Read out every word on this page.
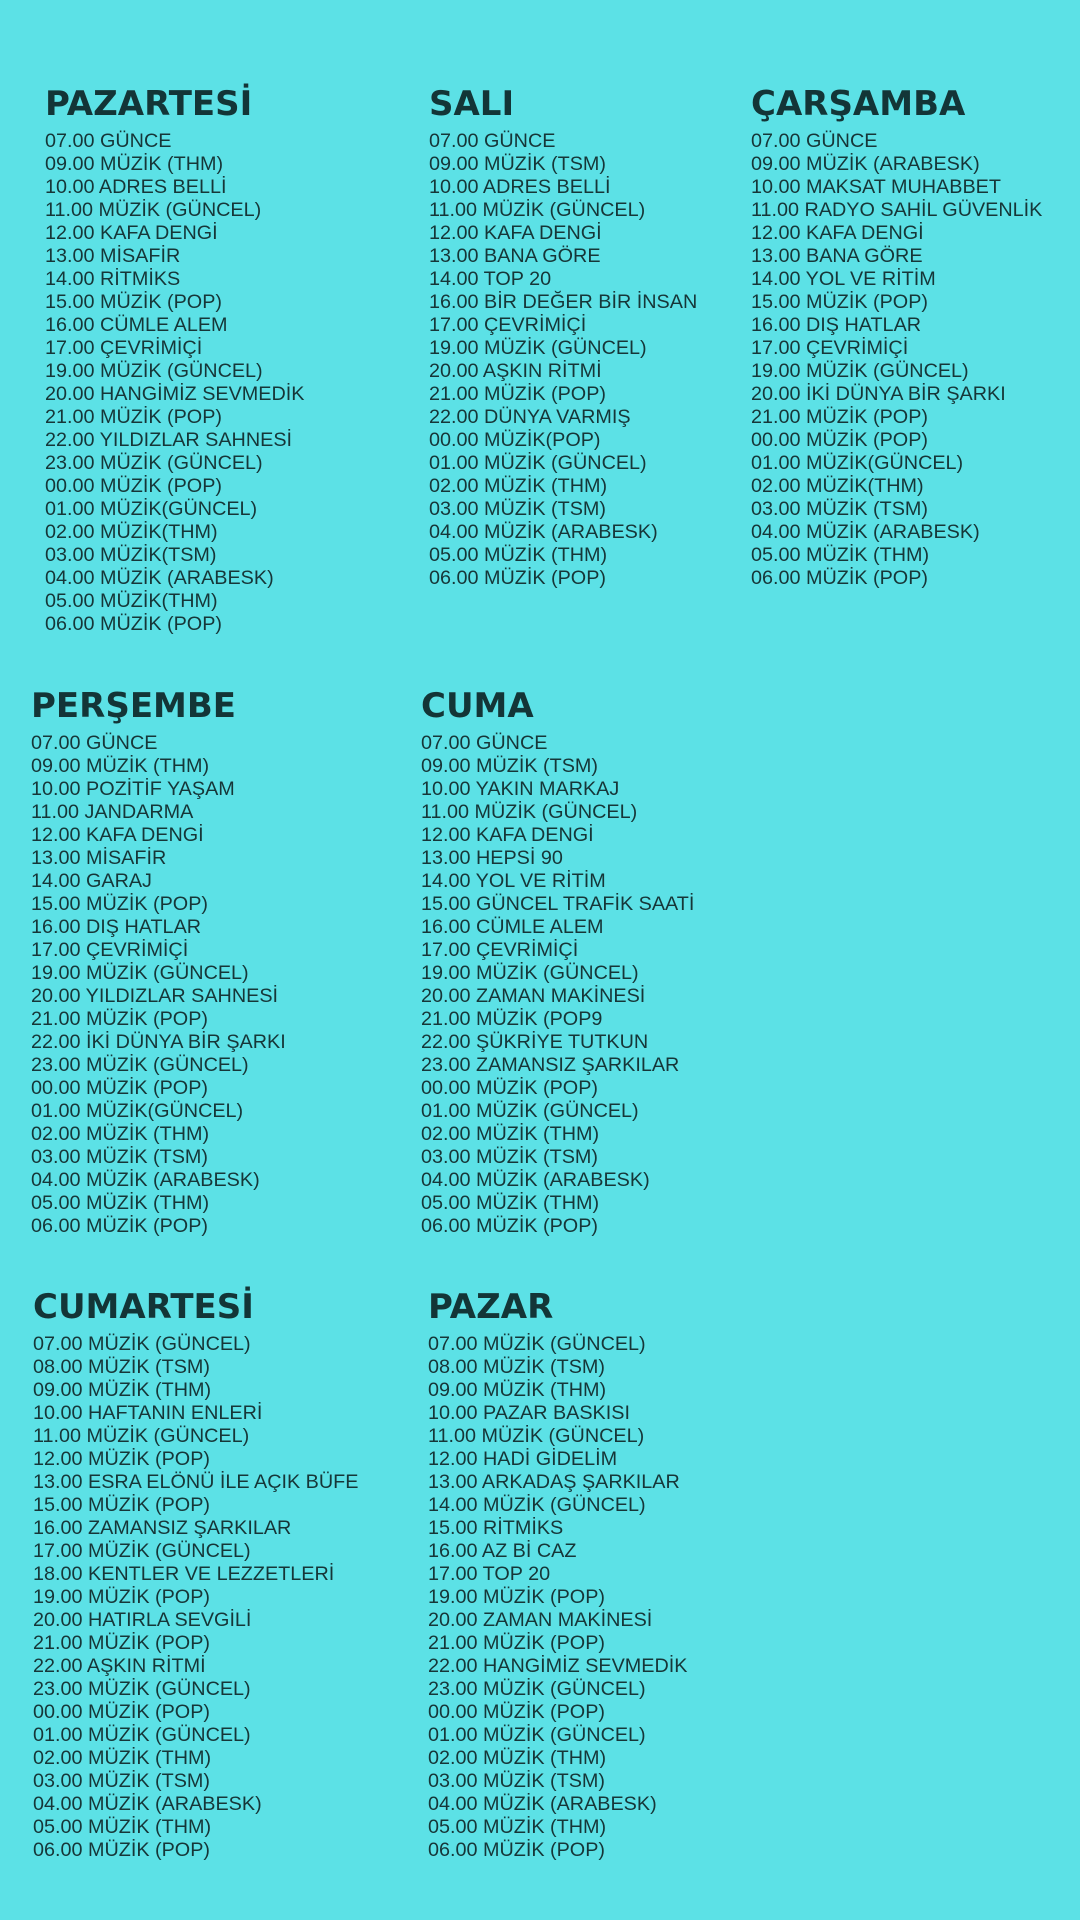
PAZARTESİ
07.00 GÜNCE
09.00 MÜZİK (THM)
10.00 ADRES BELLİ
11.00 MÜZİK (GÜNCEL)
12.00 KAFA DENGİ
13.00 MİSAFİR
14.00 RİTMİKS
15.00 MÜZİK (POP)
16.00 CÜMLE ALEM
17.00 ÇEVRİMİÇİ
19.00 MÜZİK (GÜNCEL)
20.00 HANGİMİZ SEVMEDİK
21.00 MÜZİK (POP)
22.00 YILDIZLAR SAHNESİ
23.00 MÜZİK (GÜNCEL)
00.00 MÜZİK (POP)
01.00 MÜZİK(GÜNCEL)
02.00 MÜZİK(THM)
03.00 MÜZİK(TSM)
04.00 MÜZİK (ARABESK)
05.00 MÜZİK(THM)
06.00 MÜZİK (POP)
SALI
07.00 GÜNCE
09.00 MÜZİK (TSM)
10.00 ADRES BELLİ
11.00 MÜZİK (GÜNCEL)
12.00 KAFA DENGİ
13.00 BANA GÖRE
14.00 TOP 20
16.00 BİR DEĞER BİR İNSAN
17.00 ÇEVRİMİÇİ
19.00 MÜZİK (GÜNCEL)
20.00 AŞKIN RİTMİ
21.00 MÜZİK (POP)
22.00 DÜNYA VARMIŞ
00.00 MÜZİK(POP)
01.00 MÜZİK (GÜNCEL)
02.00 MÜZİK (THM)
03.00 MÜZİK (TSM)
04.00 MÜZİK (ARABESK)
05.00 MÜZİK (THM)
06.00 MÜZİK (POP)
ÇARŞAMBA
07.00 GÜNCE
09.00 MÜZİK (ARABESK)
10.00 MAKSAT MUHABBET
11.00 RADYO SAHİL GÜVENLİK
12.00 KAFA DENGİ
13.00 BANA GÖRE
14.00 YOL VE RİTİM
15.00 MÜZİK (POP)
16.00 DIŞ HATLAR
17.00 ÇEVRİMİÇİ
19.00 MÜZİK (GÜNCEL)
20.00 İKİ DÜNYA BİR ŞARKI
21.00 MÜZİK (POP)
00.00 MÜZİK (POP)
01.00 MÜZİK(GÜNCEL)
02.00 MÜZİK(THM)
03.00 MÜZİK (TSM)
04.00 MÜZİK (ARABESK)
05.00 MÜZİK (THM)
06.00 MÜZİK (POP)
PERŞEMBE
07.00 GÜNCE
09.00 MÜZİK (THM)
10.00 POZİTİF YAŞAM
11.00 JANDARMA
12.00 KAFA DENGİ
13.00 MİSAFİR
14.00 GARAJ
15.00 MÜZİK (POP)
16.00 DIŞ HATLAR
17.00 ÇEVRİMİÇİ
19.00 MÜZİK (GÜNCEL)
20.00 YILDIZLAR SAHNESİ
21.00 MÜZİK (POP)
22.00 İKİ DÜNYA BİR ŞARKI
23.00 MÜZİK (GÜNCEL)
00.00 MÜZİK (POP)
01.00 MÜZİK(GÜNCEL)
02.00 MÜZİK (THM)
03.00 MÜZİK (TSM)
04.00 MÜZİK (ARABESK)
05.00 MÜZİK (THM)
06.00 MÜZİK (POP)
CUMA
07.00 GÜNCE
09.00 MÜZİK (TSM)
10.00 YAKIN MARKAJ
11.00 MÜZİK (GÜNCEL)
12.00 KAFA DENGİ
13.00 HEPSİ 90
14.00 YOL VE RİTİM
15.00 GÜNCEL TRAFİK SAATİ
16.00 CÜMLE ALEM
17.00 ÇEVRİMİÇİ
19.00 MÜZİK (GÜNCEL)
20.00 ZAMAN MAKİNESİ
21.00 MÜZİK (POP9
22.00 ŞÜKRİYE TUTKUN
23.00 ZAMANSIZ ŞARKILAR
00.00 MÜZİK (POP)
01.00 MÜZİK (GÜNCEL)
02.00 MÜZİK (THM)
03.00 MÜZİK (TSM)
04.00 MÜZİK (ARABESK)
05.00 MÜZİK (THM)
06.00 MÜZİK (POP)
CUMARTESİ
07.00 MÜZİK (GÜNCEL)
08.00 MÜZİK (TSM)
09.00 MÜZİK (THM)
10.00 HAFTANIN ENLERİ
11.00 MÜZİK (GÜNCEL)
12.00 MÜZİK (POP)
13.00 ESRA ELÖNÜ İLE AÇIK BÜFE
15.00 MÜZİK (POP)
16.00 ZAMANSIZ ŞARKILAR
17.00 MÜZİK (GÜNCEL)
18.00 KENTLER VE LEZZETLERİ
19.00 MÜZİK (POP)
20.00 HATIRLA SEVGİLİ
21.00 MÜZİK (POP)
22.00 AŞKIN RİTMİ
23.00 MÜZİK (GÜNCEL)
00.00 MÜZİK (POP)
01.00 MÜZİK (GÜNCEL)
02.00 MÜZİK (THM)
03.00 MÜZİK (TSM)
04.00 MÜZİK (ARABESK)
05.00 MÜZİK (THM)
06.00 MÜZİK (POP)
PAZAR
07.00 MÜZİK (GÜNCEL)
08.00 MÜZİK (TSM)
09.00 MÜZİK (THM)
10.00 PAZAR BASKISI
11.00 MÜZİK (GÜNCEL)
12.00 HADİ GİDELİM
13.00 ARKADAŞ ŞARKILAR
14.00 MÜZİK (GÜNCEL)
15.00 RİTMİKS
16.00 AZ Bİ CAZ
17.00 TOP 20
19.00 MÜZİK (POP)
20.00 ZAMAN MAKİNESİ
21.00 MÜZİK (POP)
22.00 HANGİMİZ SEVMEDİK
23.00 MÜZİK (GÜNCEL)
00.00 MÜZİK (POP)
01.00 MÜZİK (GÜNCEL)
02.00 MÜZİK (THM)
03.00 MÜZİK (TSM)
04.00 MÜZİK (ARABESK)
05.00 MÜZİK (THM)
06.00 MÜZİK (POP)
